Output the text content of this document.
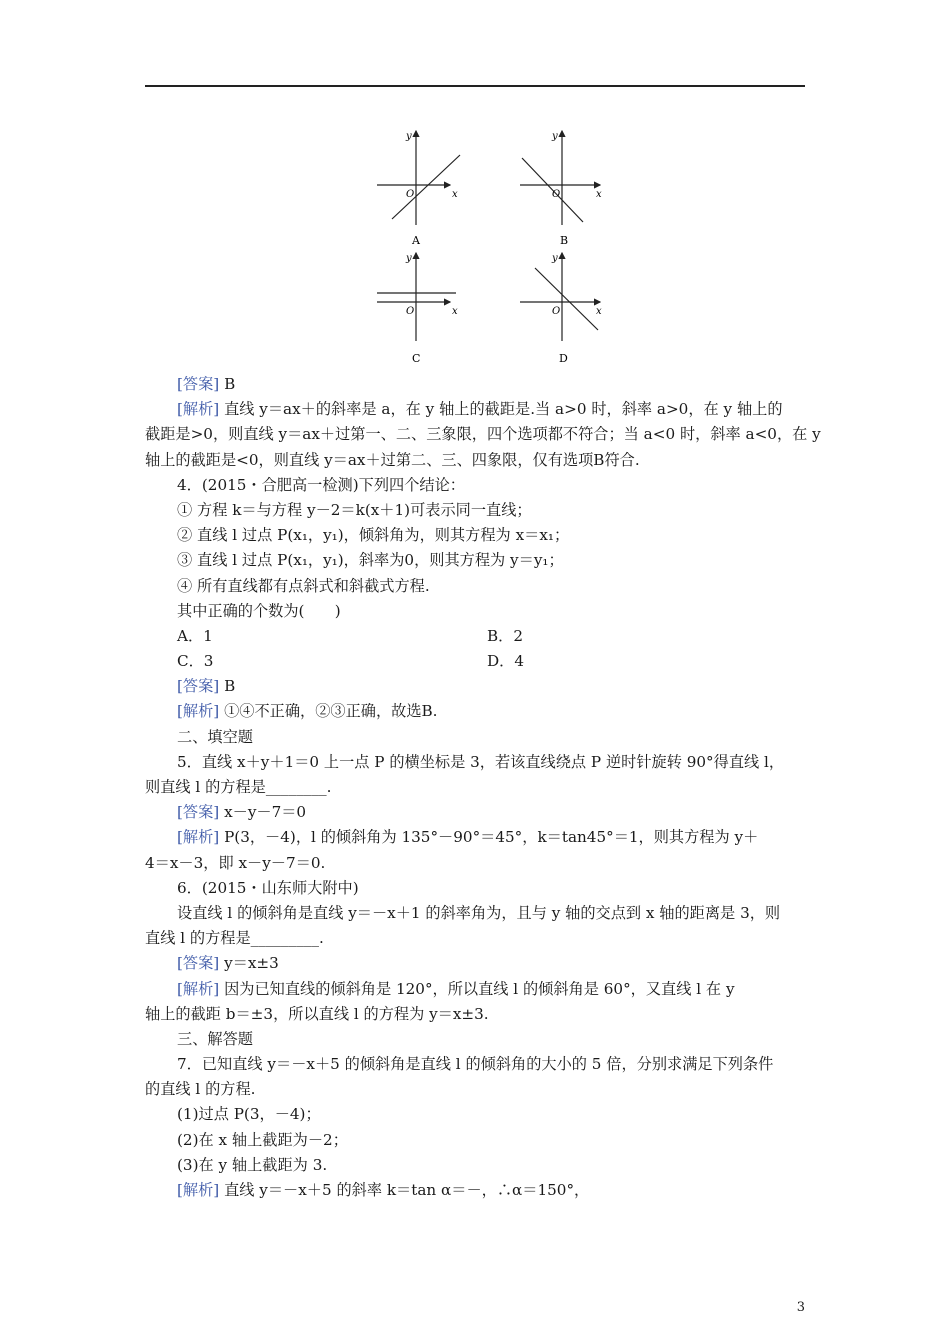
O	x
y
A
O	x
y
B
O	x
y
C
O	x
y
D
[答案] B
[解析] 直线 y＝ax＋的斜率是 a，在 y 轴上的截距是.当 a>0 时，斜率 a>0，在 y 轴上的
截距是>0，则直线 y＝ax＋过第一、二、三象限，四个选项都不符合；当 a<0 时，斜率 a<0，在 y
轴上的截距是<0，则直线 y＝ax＋过第二、三、四象限，仅有选项B符合.
4．(2015・合肥高一检测)下列四个结论：
① 方程 k＝与方程 y－2＝k(x＋1)可表示同一直线；
② 直线 l 过点 P(x₁，y₁)，倾斜角为，则其方程为 x＝x₁；
③ 直线 l 过点 P(x₁，y₁)，斜率为0，则其方程为 y＝y₁；
④ 所有直线都有点斜式和斜截式方程.
其中正确的个数为(　　)
A．1	B．2
C．3	D．4
[答案] B
[解析] ①④不正确，②③正确，故选B.
二、填空题
5．直线 x＋y＋1＝0 上一点 P 的横坐标是 3，若该直线绕点 P 逆时针旋转 90°得直线 l，
则直线 l 的方程是________.
[答案] x－y－7＝0
[解析] P(3，－4)，l 的倾斜角为 135°－90°＝45°，k＝tan45°＝1，则其方程为 y＋
4＝x－3，即 x－y－7＝0.
6．(2015・山东师大附中)
设直线 l 的倾斜角是直线 y＝－x＋1 的斜率角为，且与 y 轴的交点到 x 轴的距离是 3，则
直线 l 的方程是_________.
[答案] y＝x±3
[解析] 因为已知直线的倾斜角是 120°，所以直线 l 的倾斜角是 60°，又直线 l 在 y
轴上的截距 b＝±3，所以直线 l 的方程为 y＝x±3.
三、解答题
7．已知直线 y＝－x＋5 的倾斜角是直线 l 的倾斜角的大小的 5 倍，分别求满足下列条件
的直线 l 的方程.
(1)过点 P(3，－4)；
(2)在 x 轴上截距为－2；
(3)在 y 轴上截距为 3.
[解析] 直线 y＝－x＋5 的斜率 k＝tan α＝－，∴α＝150°，
3
